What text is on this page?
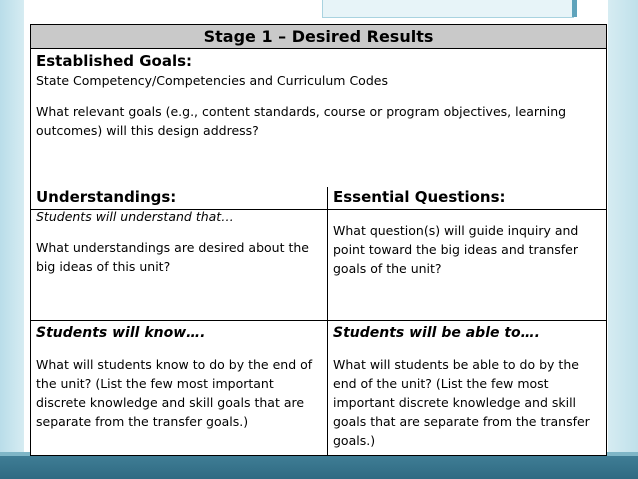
Stage 1 – Desired Results

Established Goals:

State Competency/Competencies and Curriculum Codes

What relevant goals (e.g., content standards, course or program objectives, learning outcomes) will this design address?

Understandings:

Students will understand that…

What understandings are desired about the big ideas of this unit?

Essential Questions:

What question(s) will guide inquiry and point toward the big ideas and transfer goals of the unit?

Students will know….

What will students know to do by the end of the unit? (List the few most important discrete knowledge and skill goals that are separate from the transfer goals.)

Students will be able to….

What will students be able to do by the end of the unit? (List the few most important discrete knowledge and skill goals that are separate from the transfer goals.)
